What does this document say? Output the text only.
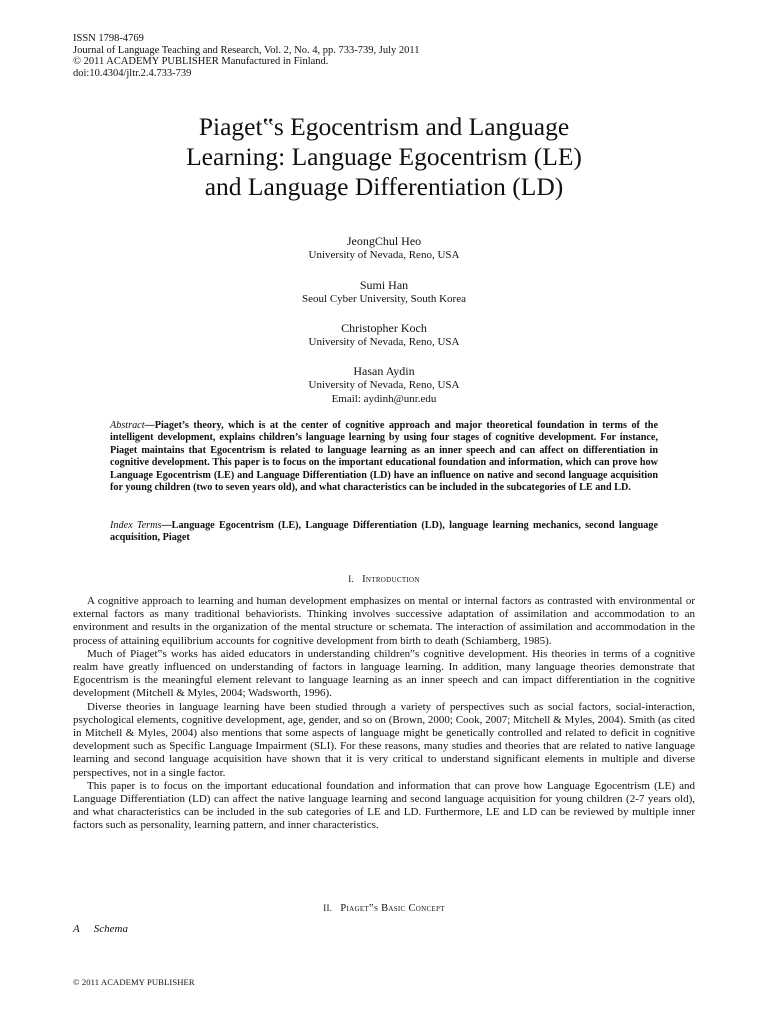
ISSN 1798-4769
Journal of Language Teaching and Research, Vol. 2, No. 4, pp. 733-739, July 2011
© 2011 ACADEMY PUBLISHER Manufactured in Finland.
doi:10.4304/jltr.2.4.733-739
Piaget‟s Egocentrism and Language
Learning: Language Egocentrism (LE)
and Language Differentiation (LD)
JeongChul Heo
University of Nevada, Reno, USA
Sumi Han
Seoul Cyber University, South Korea
Christopher Koch
University of Nevada, Reno, USA
Hasan Aydin
University of Nevada, Reno, USA
Email: aydinh@unr.edu
Abstract—Piaget’s theory, which is at the center of cognitive approach and major theoretical foundation in terms of the intelligent development, explains children’s language learning by using four stages of cognitive development. For instance, Piaget maintains that Egocentrism is related to language learning as an inner speech and can affect on differentiation in cognitive development. This paper is to focus on the important educational foundation and information, which can prove how Language Egocentrism (LE) and Language Differentiation (LD) have an influence on native and second language acquisition for young children (two to seven years old), and what characteristics can be included in the subcategories of LE and LD.
Index Terms—Language Egocentrism (LE), Language Differentiation (LD), language learning mechanics, second language acquisition, Piaget
I. Introduction

A cognitive approach to learning and human development emphasizes on mental or internal factors as contrasted with environmental or external factors as many traditional behaviorists. Thinking involves successive adaptation of assimilation and accommodation to an environment and results in the organization of the mental structure or schemata. The interaction of assimilation and accommodation in the process of attaining equilibrium accounts for cognitive development from birth to death (Schiamberg, 1985).

Much of Piaget‟s works has aided educators in understanding children‟s cognitive development. His theories in terms of a cognitive realm have greatly influenced on understanding of factors in language learning. In addition, many language theories demonstrate that Egocentrism is the meaningful element relevant to language learning as an inner speech and can impact differentiation in the cognitive development (Mitchell & Myles, 2004; Wadsworth, 1996).

Diverse theories in language learning have been studied through a variety of perspectives such as social factors, social-interaction, psychological elements, cognitive development, age, gender, and so on (Brown, 2000; Cook, 2007; Mitchell & Myles, 2004). Smith (as cited in Mitchell & Myles, 2004) also mentions that some aspects of language might be genetically controlled and related to deficit in cognitive development such as Specific Language Impairment (SLI). For these reasons, many studies and theories that are related to native language learning and second language acquisition have shown that it is very critical to understand significant elements in multiple and diverse perspectives, not in a single factor.

This paper is to focus on the important educational foundation and information that can prove how Language Egocentrism (LE) and Language Differentiation (LD) can affect the native language learning and second language acquisition for young children (2-7 years old), and what characteristics can be included in the sub categories of LE and LD. Furthermore, LE and LD can be reviewed by multiple inner factors such as personality, learning pattern, and inner characteristics.

II. Piaget‟s Basic Concept
A Schema
© 2011 ACADEMY PUBLISHER
